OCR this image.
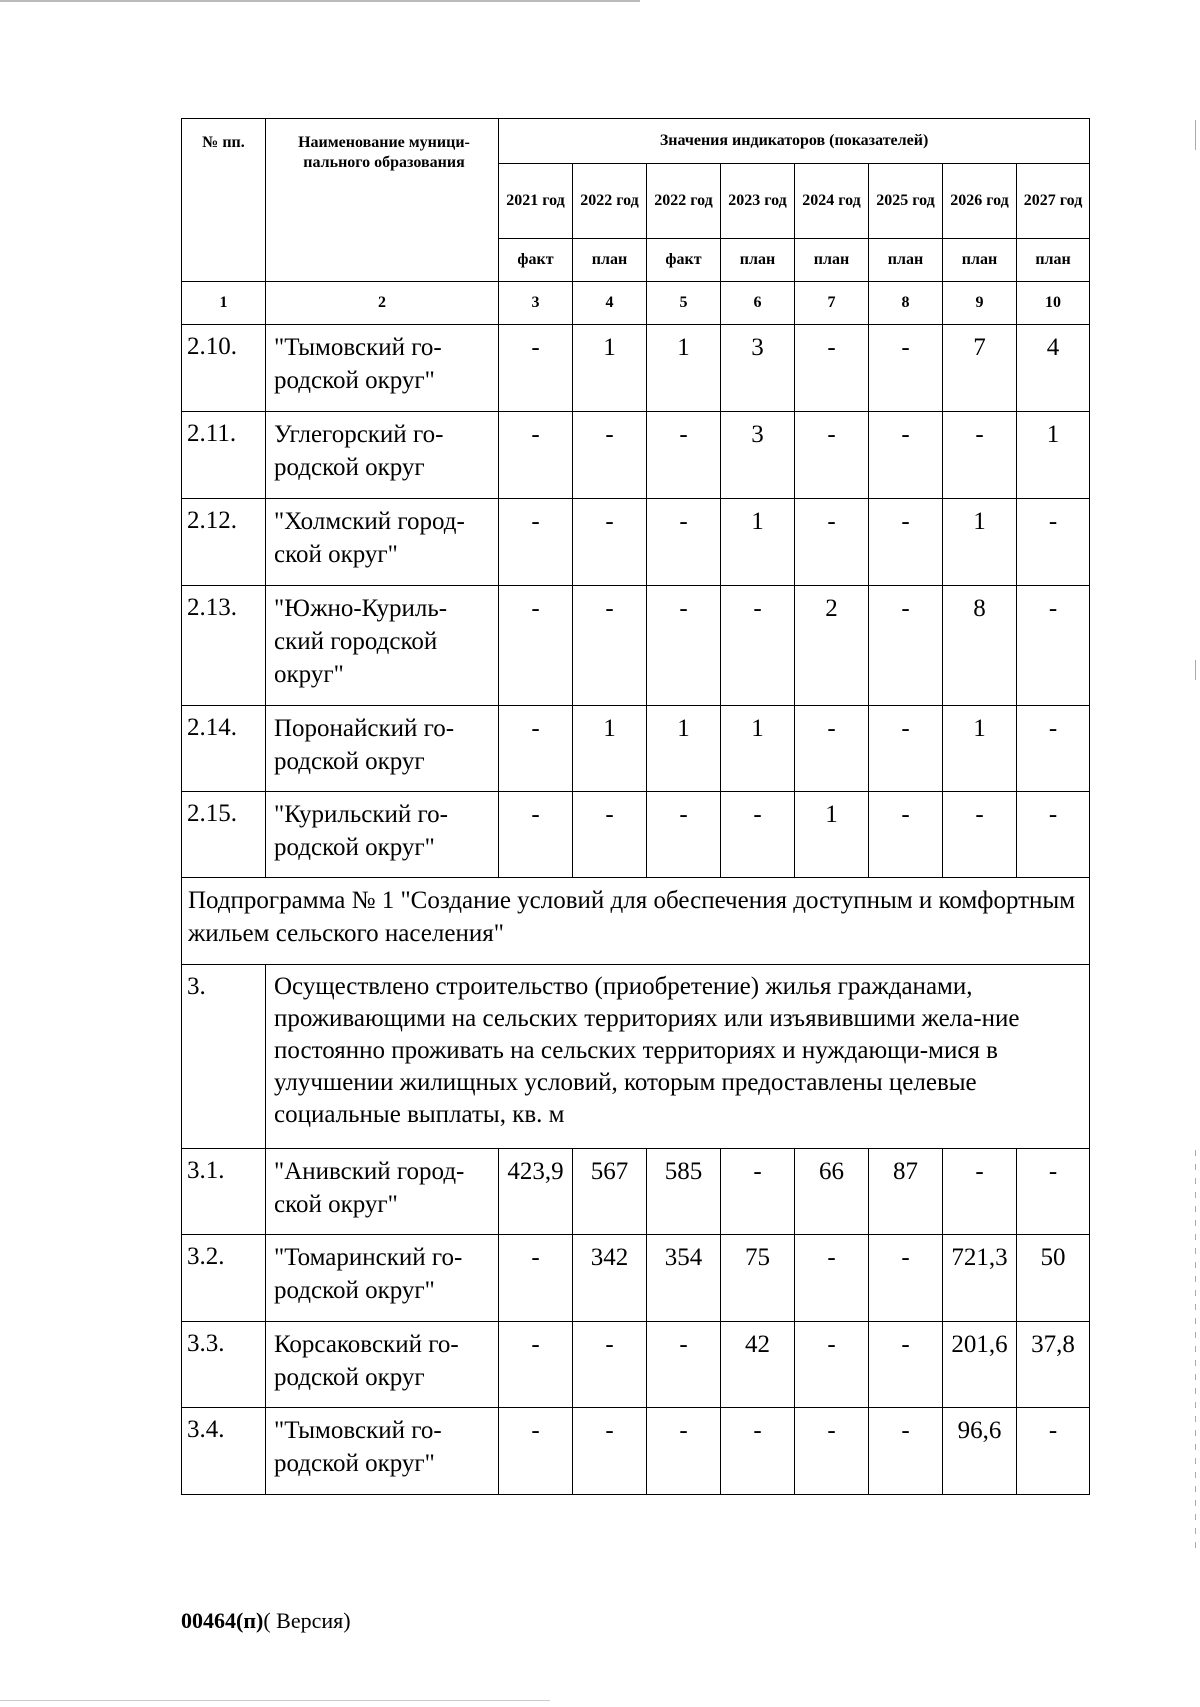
№ пп.	Наименование муници-пального образования	Значения индикаторов (показателей)							
		2021 год	2022 год	2022 год	2023 год	2024 год	2025 год	2026 год	2027 год
		факт	план	факт	план	план	план	план	план
1	2	3	4	5	6	7	8	9	10
2.10.	"Тымовский го-родской округ"	-	1	1	3	-	-	7	4
2.11.	Углегорский го-родской округ	-	-	-	3	-	-	-	1
2.12.	"Холмский город-ской округ"	-	-	-	1	-	-	1	-
2.13.	"Южно-Куриль-ский городской округ"	-	-	-	-	2	-	8	-
2.14.	Поронайский го-родской округ	-	1	1	1	-	-	1	-
2.15.	"Курильский го-родской округ"	-	-	-	-	1	-	-	-
Подпрограмма № 1 "Создание условий для обеспечения доступным и комфортным жильем сельского населения"									
3.	Осуществлено строительство (приобретение) жилья гражданами, проживающими на сельских территориях или изъявившими жела-ние постоянно проживать на сельских территориях и нуждающи-мися в улучшении жилищных условий, которым предоставлены целевые социальные выплаты, кв. м								
3.1.	"Анивский город-ской округ"	423,9	567	585	-	66	87	-	-
3.2.	"Томаринский го-родской округ"	-	342	354	75	-	-	721,3	50
3.3.	Корсаковский го-родской округ	-	-	-	42	-	-	201,6	37,8
3.4.	"Тымовский го-родской округ"	-	-	-	-	-	-	96,6	-
00464(п)( Версия)
